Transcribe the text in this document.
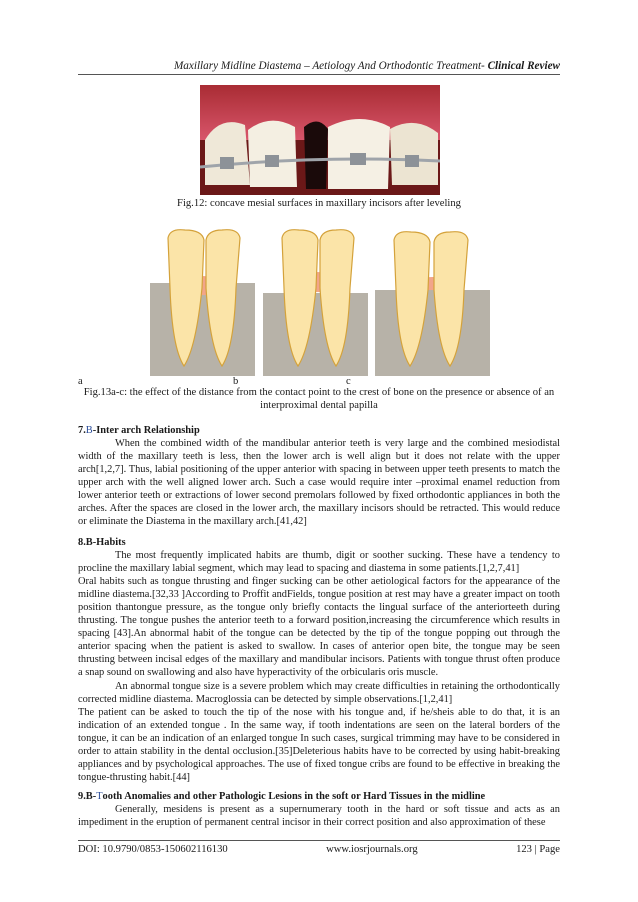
Maxillary Midline Diastema – Aetiology And Orthodontic Treatment- Clinical Review
Fig.12: concave mesial surfaces in maxillary incisors after leveling
a	b	c
Fig.13a-c: the effect of the distance from the contact point to the crest of bone on the presence or absence of an
interproximal dental papilla

7.B-Inter arch Relationship

When the combined width of the mandibular anterior teeth is very large and the combined mesiodistal width of the maxillary teeth is less, then the lower arch is well align but it does not relate with the upper arch[1,2,7]. Thus, labial positioning of the upper anterior with spacing in between upper teeth presents to match the upper arch with the well aligned lower arch. Such a case would require inter –proximal enamel reduction from lower anterior teeth or extractions of lower second premolars followed by fixed orthodontic appliances in both the arches. After the spaces are closed in the lower arch, the maxillary incisors should be retracted. This would reduce or eliminate the Diastema in the maxillary arch.[41,42]

8.B-Habits

The most frequently implicated habits are thumb, digit or soother sucking. These have a tendency to procline the maxillary labial segment, which may lead to spacing and diastema in some patients.[1,2,7,41]

Oral habits such as tongue thrusting and finger sucking can be other aetiological factors for the appearance of the midline diastema.[32,33 ]According to Proffit andFields, tongue position at rest may have a greater impact on tooth position thantongue pressure, as the tongue only briefly contacts the lingual surface of the anteriorteeth during thrusting. The tongue pushes the anterior teeth to a forward position,increasing the circumference which results in spacing [43].An abnormal habit of the tongue can be detected by the tip of the tongue popping out through the anterior spacing when the patient is asked to swallow. In cases of anterior open bite, the tongue may be seen thrusting between incisal edges of the maxillary and mandibular incisors. Patients with tongue thrust often produce a snap sound on swallowing and also have hyperactivity of the orbicularis oris muscle.

An abnormal tongue size is a severe problem which may create difficulties in retaining the orthodontically corrected midline diastema. Macroglossia can be detected by simple observations.[1,2,41]

The patient can be asked to touch the tip of the nose with his tongue and, if he/sheis able to do that, it is an indication of an extended tongue . In the same way, if tooth indentations are seen on the lateral borders of the tongue, it can be an indication of an enlarged tongue In such cases, surgical trimming may have to be considered in order to attain stability in the dental occlusion.[35]Deleterious habits have to be corrected by using habit-breaking appliances and by psychological approaches. The use of fixed tongue cribs are found to be effective in breaking the tongue-thrusting habit.[44]

9.B-Tooth Anomalies and other Pathologic Lesions in the soft or Hard Tissues in the midline

Generally, mesidens is present as a supernumerary tooth in the hard or soft tissue and acts as an impediment in the eruption of permanent central incisor in their correct position and also approximation of these

DOI: 10.9790/0853-150602116130	www.iosrjournals.org	123 | Page
